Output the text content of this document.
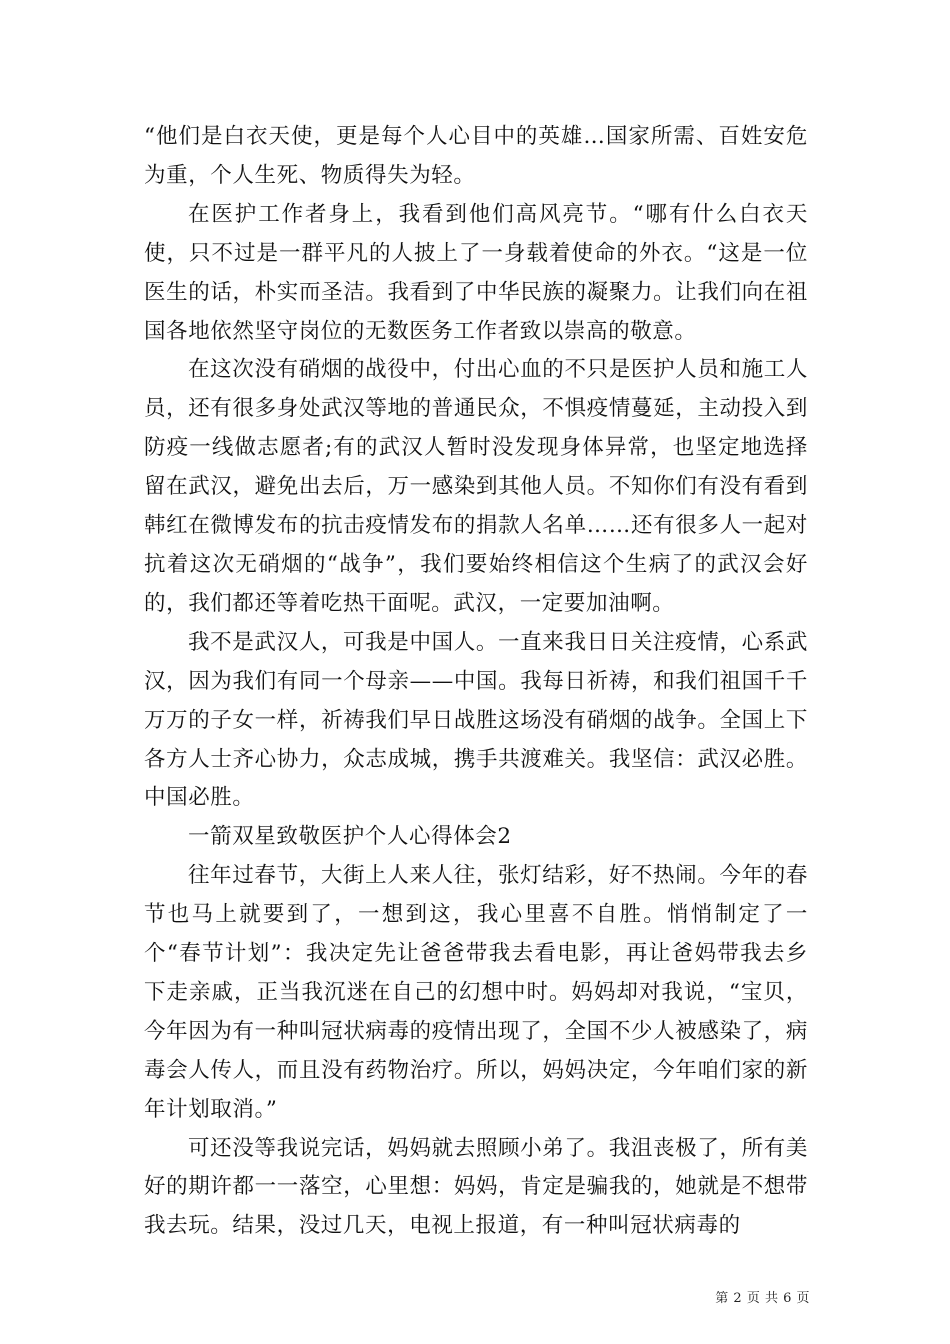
“他们是白衣天使，更是每个人心目中的英雄…国家所需、百姓安危为重，个人生死、物质得失为轻。

在医护工作者身上，我看到他们高风亮节。“哪有什么白衣天使，只不过是一群平凡的人披上了一身载着使命的外衣。“这是一位医生的话，朴实而圣洁。我看到了中华民族的凝聚力。让我们向在祖国各地依然坚守岗位的无数医务工作者致以崇高的敬意。

在这次没有硝烟的战役中，付出心血的不只是医护人员和施工人员，还有很多身处武汉等地的普通民众，不惧疫情蔓延，主动投入到防疫一线做志愿者;有的武汉人暂时没发现身体异常，也坚定地选择留在武汉，避免出去后，万一感染到其他人员。不知你们有没有看到韩红在微博发布的抗击疫情发布的捐款人名单……还有很多人一起对抗着这次无硝烟的“战争”，我们要始终相信这个生病了的武汉会好的，我们都还等着吃热干面呢。武汉，一定要加油啊。

我不是武汉人，可我是中国人。一直来我日日关注疫情，心系武汉，因为我们有同一个母亲——中国。我每日祈祷，和我们祖国千千万万的子女一样，祈祷我们早日战胜这场没有硝烟的战争。全国上下各方人士齐心协力，众志成城，携手共渡难关。我坚信：武汉必胜。中国必胜。

一箭双星致敬医护个人心得体会2

往年过春节，大街上人来人往，张灯结彩，好不热闹。今年的春节也马上就要到了，一想到这，我心里喜不自胜。悄悄制定了一个“春节计划”：我决定先让爸爸带我去看电影，再让爸妈带我去乡下走亲戚，正当我沉迷在自己的幻想中时。妈妈却对我说，“宝贝，今年因为有一种叫冠状病毒的疫情出现了，全国不少人被感染了，病毒会人传人，而且没有药物治疗。所以，妈妈决定，今年咱们家的新年计划取消。”

可还没等我说完话，妈妈就去照顾小弟了。我沮丧极了，所有美好的期许都一一落空，心里想：妈妈，肯定是骗我的，她就是不想带我去玩。结果，没过几天，电视上报道，有一种叫冠状病毒的

第 2 页 共 6 页
